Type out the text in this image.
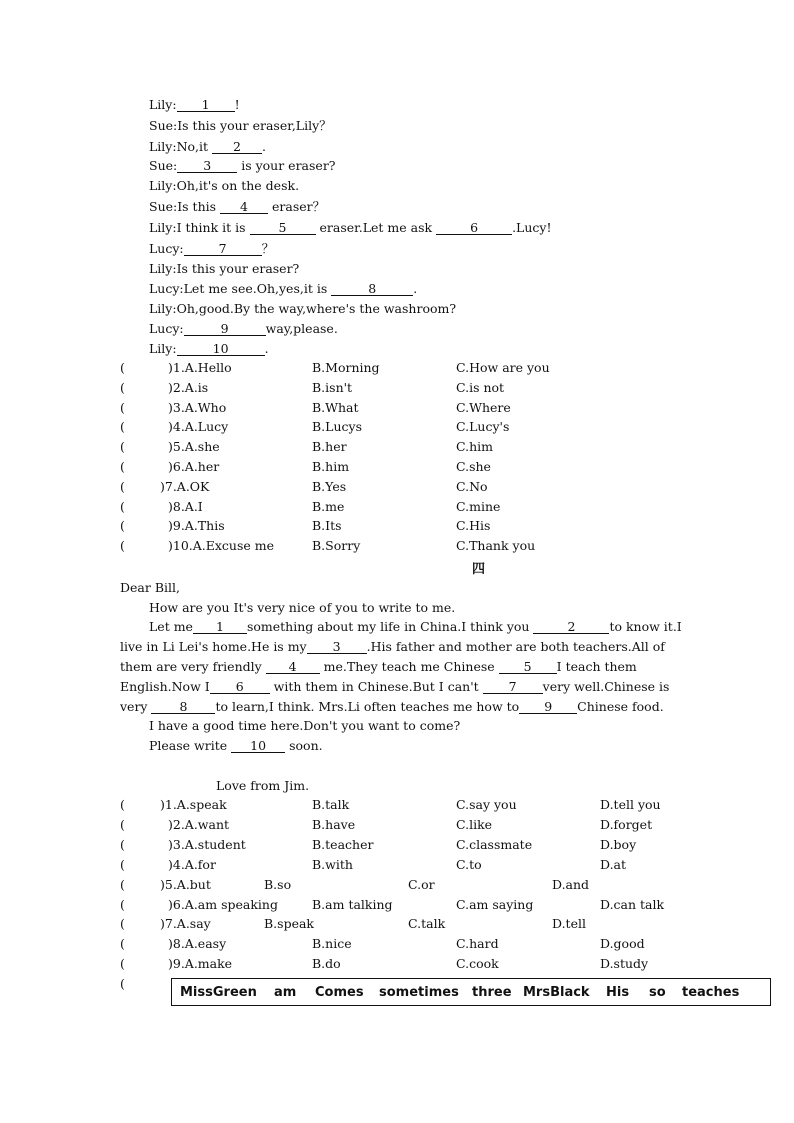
Lily: 1 !
Sue:Is this your eraser,Lily？
Lily:No,it 2 .
Sue: 3 is your eraser?
Lily:Oh,it's on the desk.
Sue:Is this 4 eraser？
Lily:I think it is 5 eraser.Let me ask	6	.Lucy!
Lucy:	7	？
Lily:Is this your eraser?
Lucy:Let me see.Oh,yes,it is	8	.
Lily:Oh,good.By the way,where's the washroom?
Lucy:	9	way,please.
Lily:	10	.
(	)1.A.Hello	B.Morning	C.How are you
(	)2.A.is	B.isn't	C.is not
(	)3.A.Who	B.What	C.Where
(	)4.A.Lucy	B.Lucys	C.Lucy's
(	)5.A.she	B.her	C.him
(	)6.A.her	B.him	C.she
(	)7.A.OK	B.Yes	C.No
(	)8.A.I	B.me	C.mine
(	)9.A.This	B.Its	C.His
(	)10.A.Excuse me	B.Sorry	C.Thank you
四
Dear Bill,
How are you It's very nice of you to write to me.
Let me 1 something about my life in China.I think you	2	to know it.I
live in Li Lei's home.He is my 3 .His father and mother are both teachers.All of
them are very friendly 4 me.They teach me Chinese 5 I teach them
English.Now I 6 with them in Chinese.But I can't 7 very well.Chinese is
very 8 to learn,I think. Mrs.Li often teaches me how to 9 Chinese food.
I have a good time here.Don't you want to come?
Please write 10 soon.
Love from Jim.
(	)1.A.speak	B.talk	C.say you	D.tell you
(	)2.A.want	B.have	C.like	D.forget
(	)3.A.student	B.teacher	C.classmate	D.boy
(	)4.A.for	B.with	C.to	D.at
(	)5.A.but	B.so	C.or	D.and
(	)6.A.am speaking	B.am talking	C.am saying	D.can talk
(	)7.A.say	B.speak	C.talk	D.tell
(	)8.A.easy	B.nice	C.hard	D.good
(	)9.A.make	B.do	C.cook	D.study
(
MissGreen am Comes sometimes three MrsBlack His so teaches
